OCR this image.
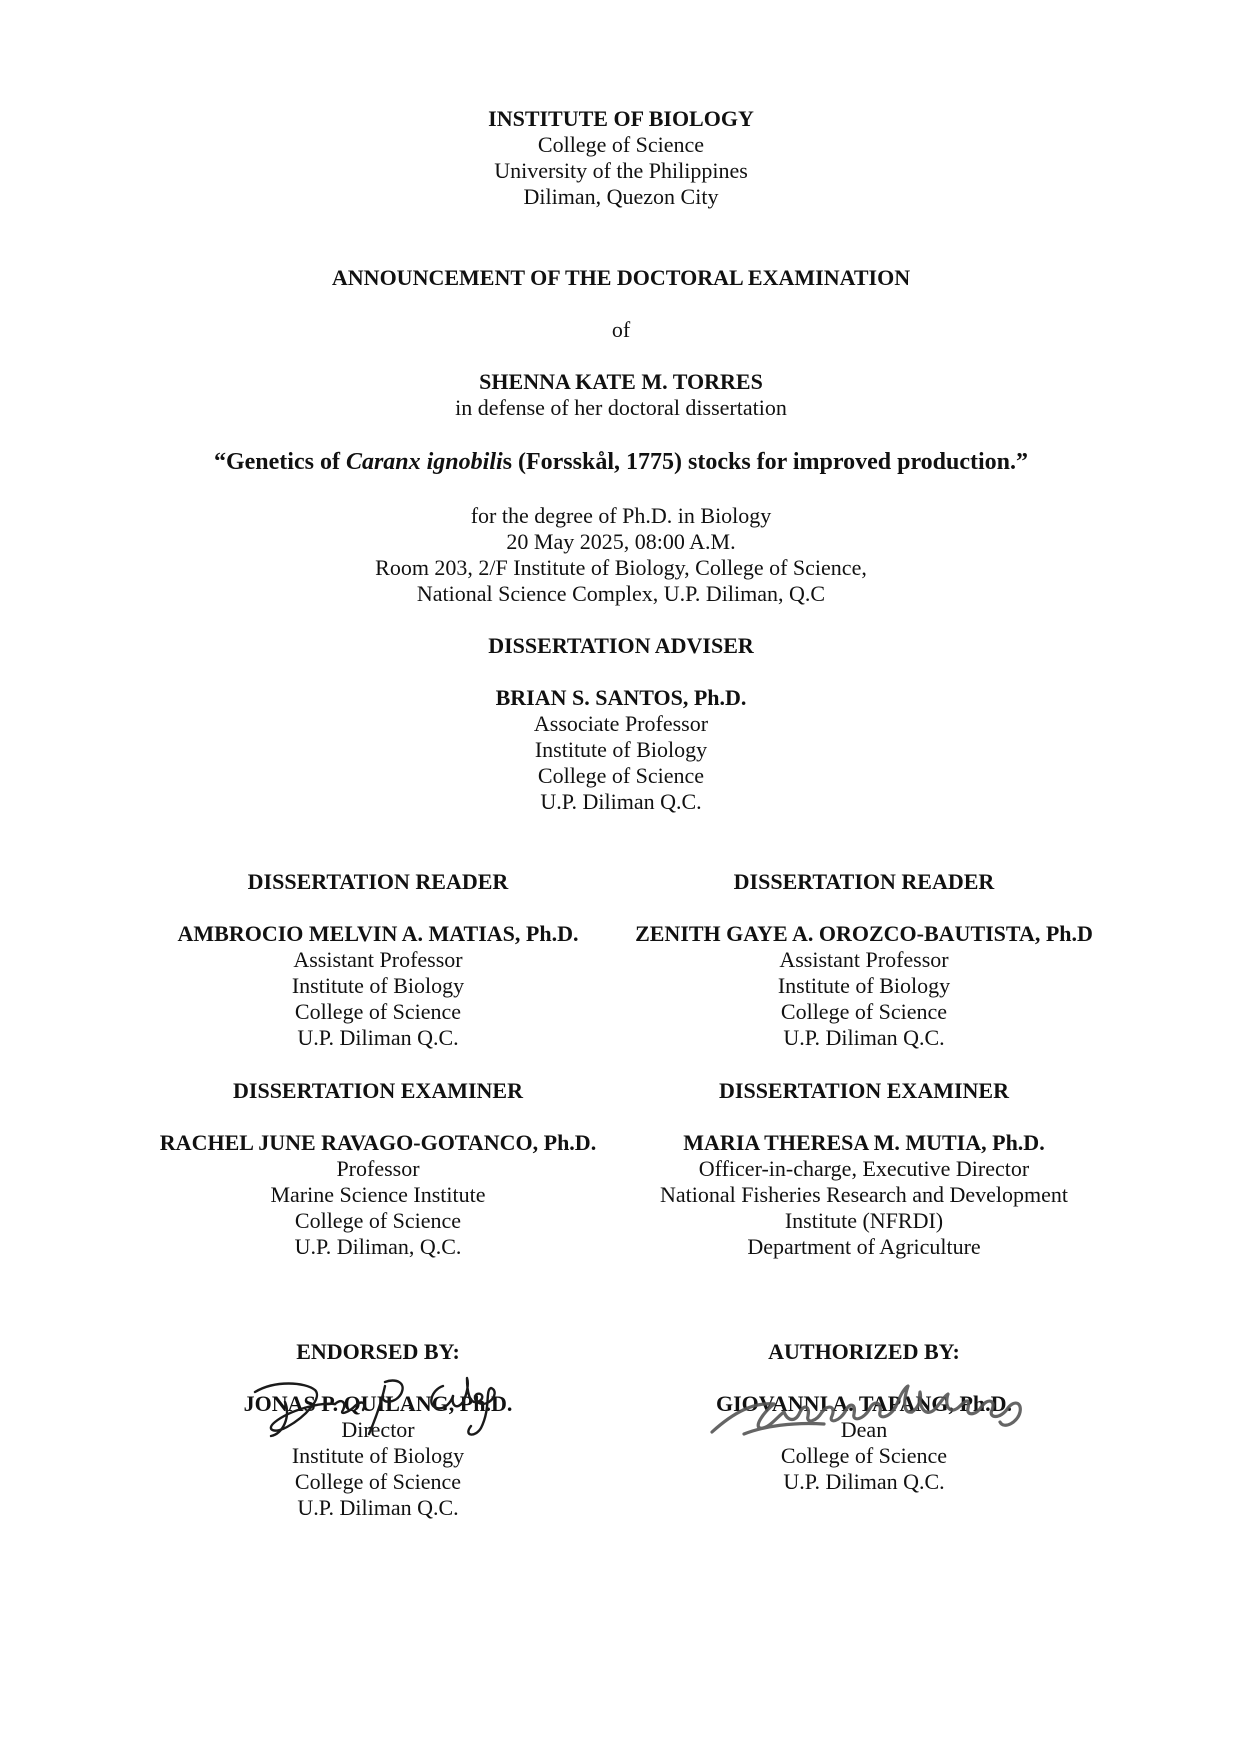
INSTITUTE OF BIOLOGY
College of Science
University of the Philippines
Diliman, Quezon City
ANNOUNCEMENT OF THE DOCTORAL EXAMINATION
of
SHENNA KATE M. TORRES
in defense of her doctoral dissertation
“Genetics of Caranx ignobilis (Forsskål, 1775) stocks for improved production.”
for the degree of Ph.D. in Biology
20 May 2025, 08:00 A.M.
Room 203, 2/F Institute of Biology, College of Science,
National Science Complex, U.P. Diliman, Q.C
DISSERTATION ADVISER
BRIAN S. SANTOS, Ph.D.
Associate Professor
Institute of Biology
College of Science
U.P. Diliman Q.C.
DISSERTATION READER
AMBROCIO MELVIN A. MATIAS, Ph.D.
Assistant Professor
Institute of Biology
College of Science
U.P. Diliman Q.C.
DISSERTATION READER
ZENITH GAYE A. OROZCO-BAUTISTA, Ph.D
Assistant Professor
Institute of Biology
College of Science
U.P. Diliman Q.C.
DISSERTATION EXAMINER
RACHEL JUNE RAVAGO-GOTANCO, Ph.D.
Professor
Marine Science Institute
College of Science
U.P. Diliman, Q.C.
DISSERTATION EXAMINER
MARIA THERESA M. MUTIA, Ph.D.
Officer-in-charge, Executive Director
National Fisheries Research and Development
Institute (NFRDI)
Department of Agriculture
ENDORSED BY:
JONAS P. QUILANG, Ph.D.
Director
Institute of Biology
College of Science
U.P. Diliman Q.C.
AUTHORIZED BY:
GIOVANNI A. TAPANG, Ph.D.
Dean
College of Science
U.P. Diliman Q.C.
